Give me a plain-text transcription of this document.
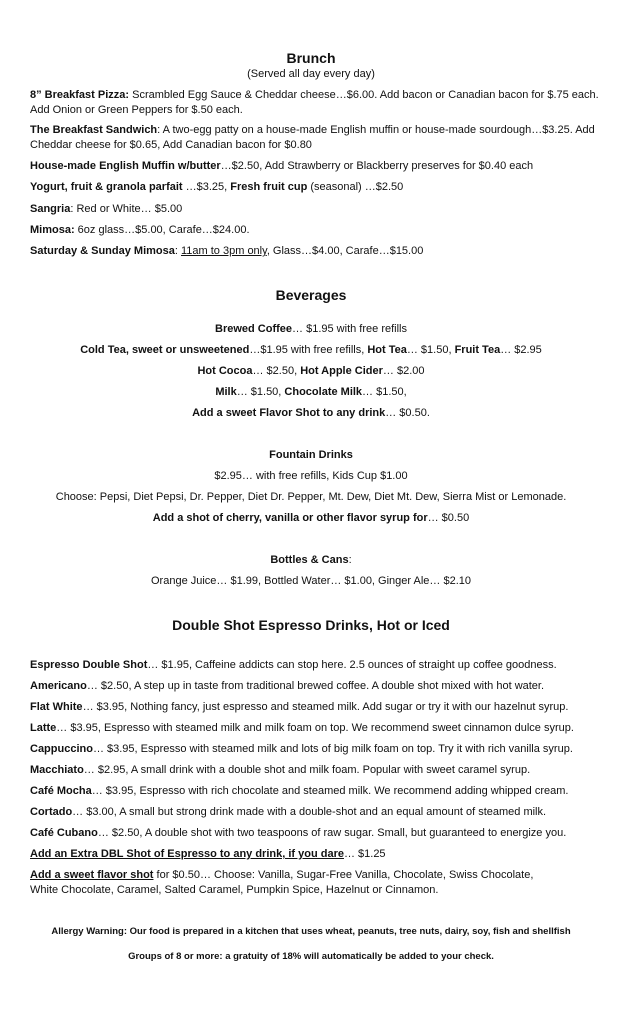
Brunch
(Served all day every day)

8” Breakfast Pizza: Scrambled Egg Sauce & Cheddar cheese…$6.00. Add bacon or Canadian bacon for $.75 each. Add Onion or Green Peppers for $.50 each.

The Breakfast Sandwich: A two-egg patty on a house-made English muffin or house-made sourdough…$3.25. Add Cheddar cheese for $0.65, Add Canadian bacon for $0.80

House-made English Muffin w/butter…$2.50, Add Strawberry or Blackberry preserves for $0.40 each

Yogurt, fruit & granola parfait …$3.25, Fresh fruit cup (seasonal) …$2.50

Sangria: Red or White… $5.00

Mimosa: 6oz glass…$5.00, Carafe…$24.00.

Saturday & Sunday Mimosa: 11am to 3pm only, Glass…$4.00, Carafe…$15.00

Beverages

Brewed Coffee… $1.95 with free refills

Cold Tea, sweet or unsweetened…$1.95 with free refills, Hot Tea… $1.50, Fruit Tea… $2.95

Hot Cocoa… $2.50, Hot Apple Cider… $2.00

Milk… $1.50, Chocolate Milk… $1.50,

Add a sweet Flavor Shot to any drink… $0.50.

Fountain Drinks

$2.95… with free refills, Kids Cup $1.00

Choose: Pepsi, Diet Pepsi, Dr. Pepper, Diet Dr. Pepper, Mt. Dew, Diet Mt. Dew, Sierra Mist or Lemonade.

Add a shot of cherry, vanilla or other flavor syrup for… $0.50

Bottles & Cans:

Orange Juice… $1.99, Bottled Water… $1.00, Ginger Ale… $2.10

Double Shot Espresso Drinks, Hot or Iced

Espresso Double Shot… $1.95, Caffeine addicts can stop here. 2.5 ounces of straight up coffee goodness.

Americano… $2.50, A step up in taste from traditional brewed coffee. A double shot mixed with hot water.

Flat White… $3.95, Nothing fancy, just espresso and steamed milk. Add sugar or try it with our hazelnut syrup.

Latte… $3.95, Espresso with steamed milk and milk foam on top. We recommend sweet cinnamon dulce syrup.

Cappuccino… $3.95, Espresso with steamed milk and lots of big milk foam on top. Try it with rich vanilla syrup.

Macchiato… $2.95, A small drink with a double shot and milk foam. Popular with sweet caramel syrup.

Café Mocha… $3.95, Espresso with rich chocolate and steamed milk. We recommend adding whipped cream.

Cortado… $3.00, A small but strong drink made with a double-shot and an equal amount of steamed milk.

Café Cubano… $2.50, A double shot with two teaspoons of raw sugar. Small, but guaranteed to energize you.

Add an Extra DBL Shot of Espresso to any drink, if you dare… $1.25

Add a sweet flavor shot for $0.50… Choose: Vanilla, Sugar-Free Vanilla, Chocolate, Swiss Chocolate,
White Chocolate, Caramel, Salted Caramel, Pumpkin Spice, Hazelnut or Cinnamon.

Allergy Warning: Our food is prepared in a kitchen that uses wheat, peanuts, tree nuts, dairy, soy, fish and shellfish
Groups of 8 or more: a gratuity of 18% will automatically be added to your check.
